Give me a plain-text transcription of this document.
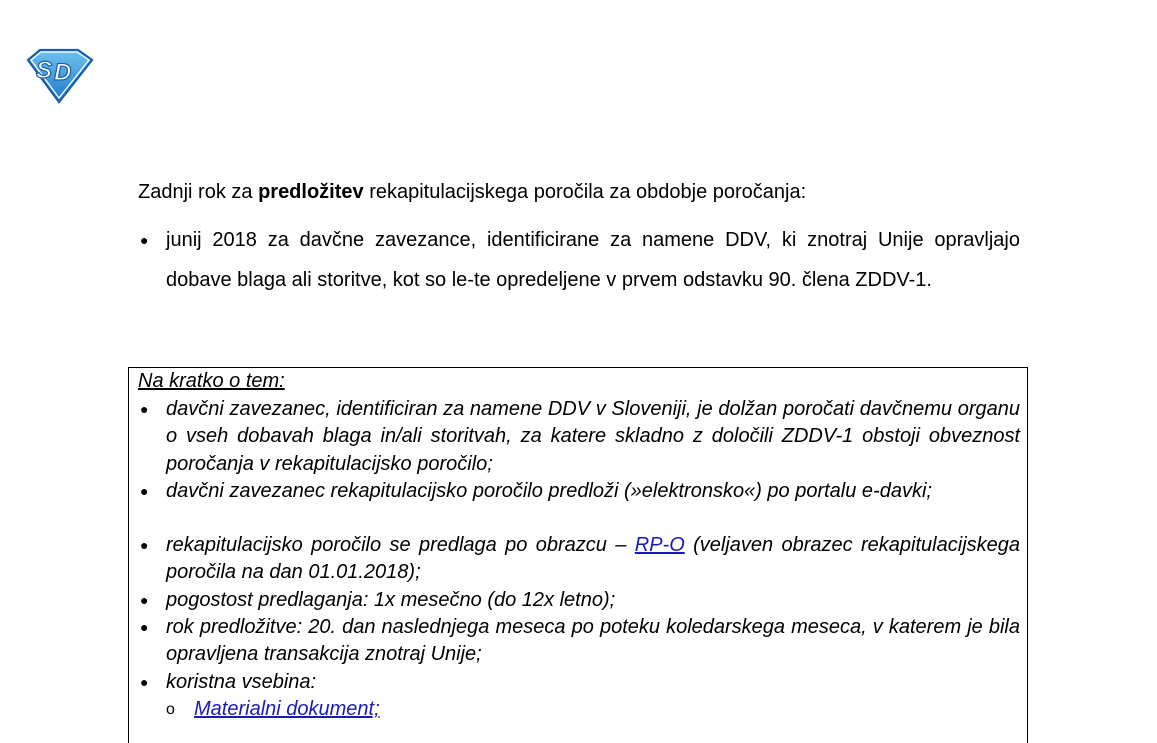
S D

Zadnji rok za predložitev rekapitulacijskega poročila za obdobje poročanja:

● junij 2018 za davčne zavezance, identificirane za namene DDV, ki znotraj Unije opravljajo dobave blaga ali storitve, kot so le-te opredeljene v prvem odstavku 90. člena ZDDV-1.

Na kratko o tem:

● davčni zavezanec, identificiran za namene DDV v Sloveniji, je dolžan poročati davčnemu organu o vseh dobavah blaga in/ali storitvah, za katere skladno z določili ZDDV-1 obstoji obveznost poročanja v rekapitulacijsko poročilo;
● davčni zavezanec rekapitulacijsko poročilo predloži (»elektronsko«) po portalu e-davki;
● rekapitulacijsko poročilo se predlaga po obrazcu – RP-O (veljaven obrazec rekapitulacijskega poročila na dan 01.01.2018);
● pogostost predlaganja: 1x mesečno (do 12x letno);
● rok predložitve: 20. dan naslednjega meseca po poteku koledarskega meseca, v katerem je bila opravljena transakcija znotraj Unije;
● koristna vsebina:
o Materialni dokument;
